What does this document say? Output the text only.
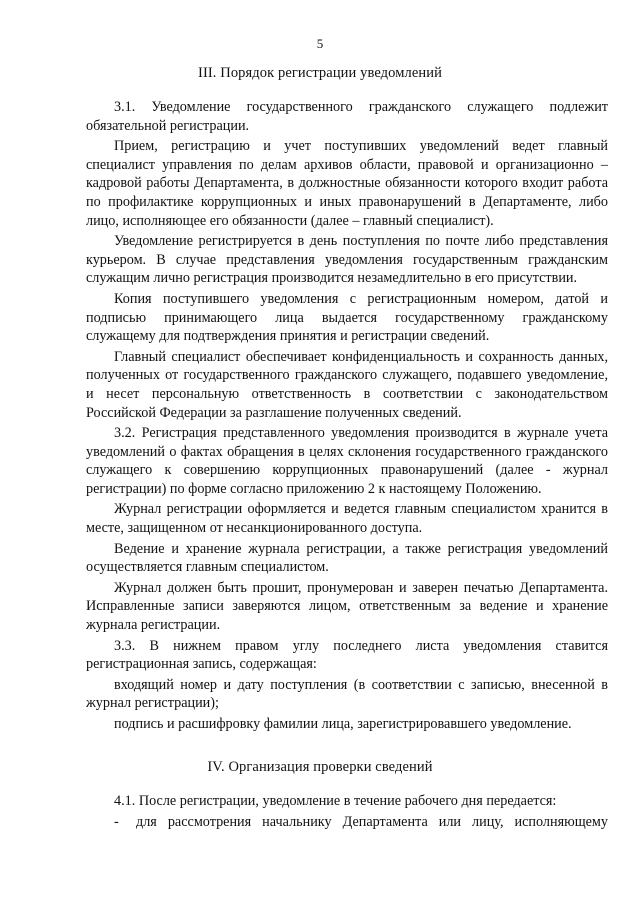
5
III. Порядок регистрации уведомлений

3.1. Уведомление государственного гражданского служащего подлежит обязательной регистрации.

Прием, регистрацию и учет поступивших уведомлений ведет главный специалист управления по делам архивов области, правовой и организационно – кадровой работы Департамента, в должностные обязанности которого входит работа по профилактике коррупционных и иных правонарушений в Департаменте, либо лицо, исполняющее его обязанности (далее – главный специалист).

Уведомление регистрируется в день поступления по почте либо представления курьером. В случае представления уведомления государственным гражданским служащим лично регистрация производится незамедлительно в его присутствии.

Копия поступившего уведомления с регистрационным номером, датой и подписью принимающего лица выдается государственному гражданскому служащему для подтверждения принятия и регистрации сведений.

Главный специалист обеспечивает конфиденциальность и сохранность данных, полученных от государственного гражданского служащего, подавшего уведомление, и несет персональную ответственность в соответствии с законодательством Российской Федерации за разглашение полученных сведений.

3.2. Регистрация представленного уведомления производится в журнале учета уведомлений о фактах обращения в целях склонения государственного гражданского служащего к совершению коррупционных правонарушений (далее - журнал регистрации) по форме согласно приложению 2 к настоящему Положению.

Журнал регистрации оформляется и ведется главным специалистом хранится в месте, защищенном от несанкционированного доступа.

Ведение и хранение журнала регистрации, а также регистрация уведомлений осуществляется главным специалистом.

Журнал должен быть прошит, пронумерован и заверен печатью Департамента. Исправленные записи заверяются лицом, ответственным за ведение и хранение журнала регистрации.

3.3. В нижнем правом углу последнего листа уведомления ставится регистрационная запись, содержащая:

входящий номер и дату поступления (в соответствии с записью, внесенной в журнал регистрации);

подпись и расшифровку фамилии лица, зарегистрировавшего уведомление.

IV. Организация проверки сведений

4.1. После регистрации, уведомление в течение рабочего дня передается:

- для рассмотрения начальнику Департамента или лицу, исполняющему
